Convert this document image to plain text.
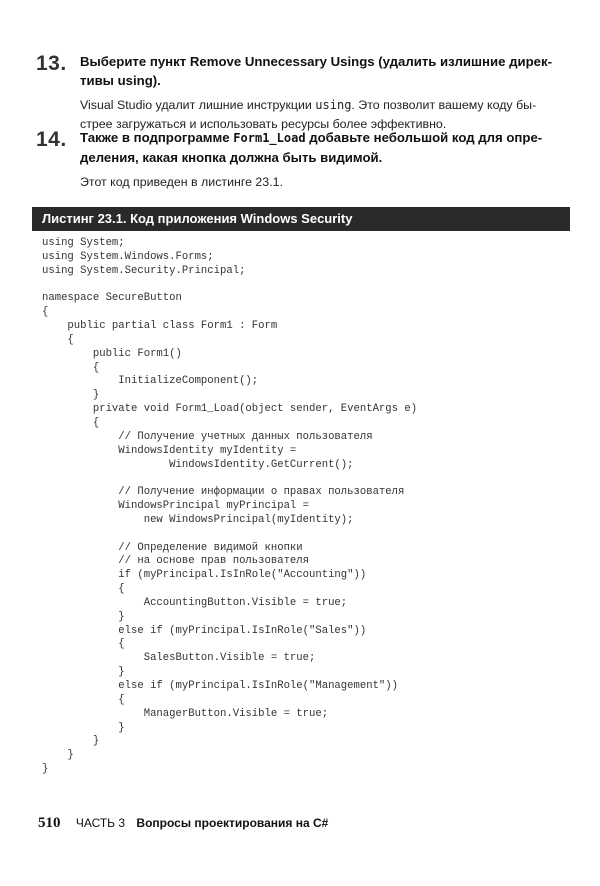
13. Выберите пункт Remove Unnecessary Usings (удалить излишние дирек-тивы using).
Visual Studio удалит лишние инструкции using. Это позволит вашему коду бы-стрее загружаться и использовать ресурсы более эффективно.
14. Также в подпрограмме Form1_Load добавьте небольшой код для опре-деления, какая кнопка должна быть видимой.
Этот код приведен в листинге 23.1.
Листинг 23.1. Код приложения Windows Security
using System;
using System.Windows.Forms;
using System.Security.Principal;

namespace SecureButton
{
public partial class Form1 : Form
{
public Form1()
{
InitializeComponent();
}
private void Form1_Load(object sender, EventArgs e)
{
// Получение учетных данных пользователя
WindowsIdentity myIdentity =
WindowsIdentity.GetCurrent();

// Получение информации о правах пользователя
WindowsPrincipal myPrincipal =
new WindowsPrincipal(myIdentity);

// Определение видимой кнопки
// на основе прав пользователя
if (myPrincipal.IsInRole("Accounting"))
{
AccountingButton.Visible = true;
}
else if (myPrincipal.IsInRole("Sales"))
{
SalesButton.Visible = true;
}
else if (myPrincipal.IsInRole("Management"))
{
ManagerButton.Visible = true;
}
}
}
}
510 ЧАСТЬ 3 Вопросы проектирования на C#
